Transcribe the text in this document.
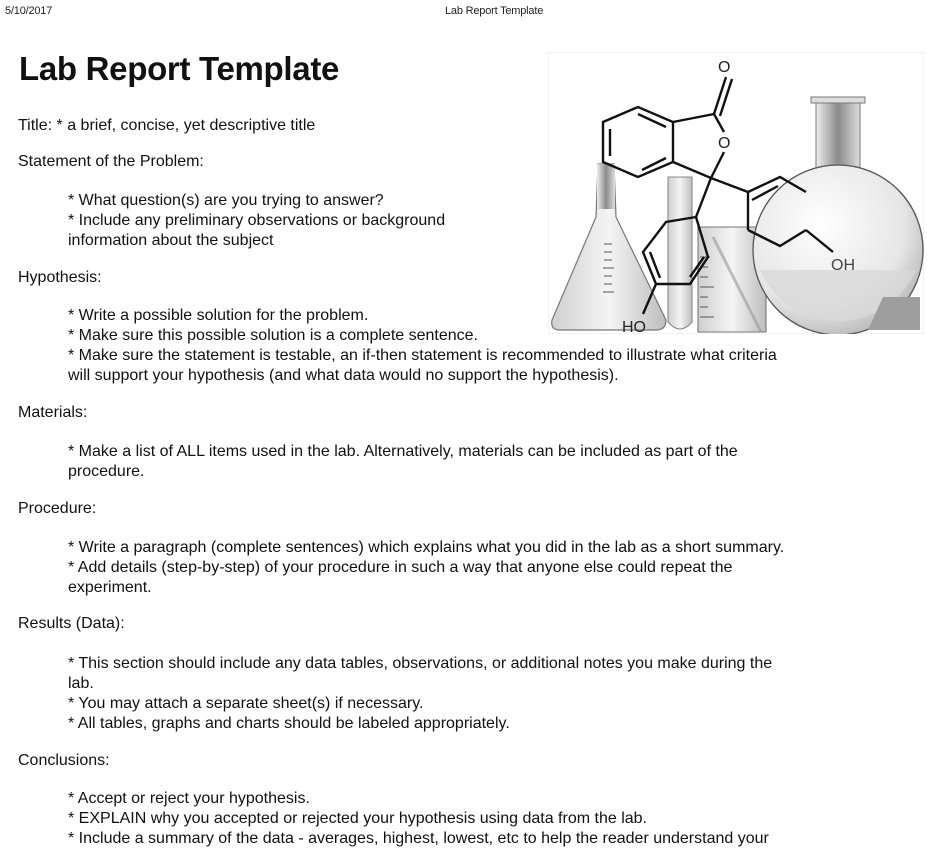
5/10/2017	Lab Report Template
Lab Report Template	O
O
OH
HO
Title: * a brief, concise, yet descriptive title
Statement of the Problem:
* What question(s) are you trying to answer?
* Include any preliminary observations or background
information about the subject
Hypothesis:
* Write a possible solution for the problem.
* Make sure this possible solution is a complete sentence.
* Make sure the statement is testable, an if-then statement is recommended to illustrate what criteria
will support your hypothesis (and what data would no support the hypothesis).
Materials:
* Make a list of ALL items used in the lab. Alternatively, materials can be included as part of the
procedure.
Procedure:
* Write a paragraph (complete sentences) which explains what you did in the lab as a short summary.
* Add details (step-by-step) of your procedure in such a way that anyone else could repeat the
experiment.
Results (Data):
* This section should include any data tables, observations, or additional notes you make during the
lab.
* You may attach a separate sheet(s) if necessary.
* All tables, graphs and charts should be labeled appropriately.
Conclusions:
* Accept or reject your hypothesis.
* EXPLAIN why you accepted or rejected your hypothesis using data from the lab.
* Include a summary of the data - averages, highest, lowest, etc to help the reader understand your
